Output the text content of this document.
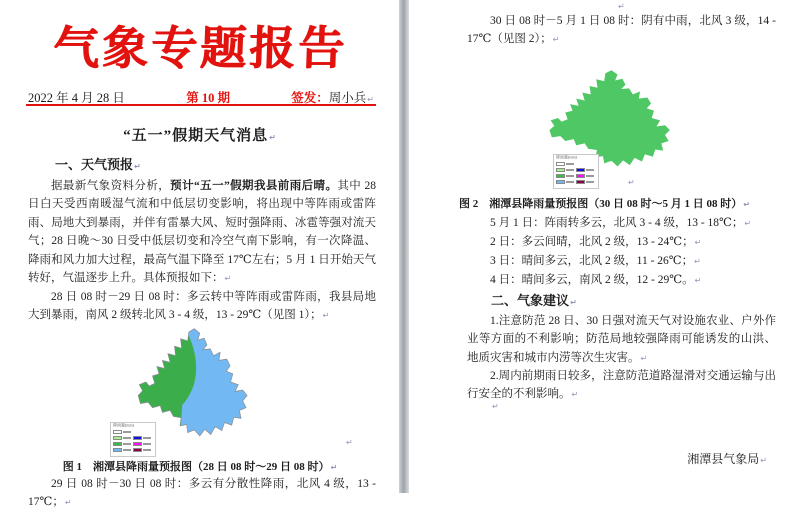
气象专题报告
2022 年 4 月 28 日	第 10 期	签发：周小兵↵
“五一”假期天气消息↵
一、天气预报↵
据最新气象资料分析，预计“五一”假期我县前雨后晴。其中 28 日白天受西南暖湿气流和中低层切变影响，将出现中等阵雨或雷阵雨、局地大到暴雨，并伴有雷暴大风、短时强降雨、冰雹等强对流天气；28 日晚～30 日受中低层切变和冷空气南下影响，有一次降温、降雨和风力加大过程，最高气温下降至 17℃左右；5 月 1 日开始天气转好，气温逐步上升。具体预报如下：↵
28 日 08 时－29 日 08 时：多云转中等阵雨或雷阵雨，我县局地大到暴雨，南风 2 级转北风 3 - 4 级，13 - 29℃（见图 1）；↵
降雨量(mm)
↵
图 1　湘潭县降雨量预报图（28 日 08 时～29 日 08 时）↵
29 日 08 时－30 日 08 时：多云有分散性降雨，北风 4 级，13 - 17℃；↵
↵
30 日 08 时－5 月 1 日 08 时：阴有中雨，北风 3 级，14 - 17℃（见图 2）；↵
降雨量(mm)
↵
图 2　湘潭县降雨量预报图（30 日 08 时～5 月 1 日 08 时）↵
5 月 1 日：阵雨转多云，北风 3 - 4 级，13 - 18℃；↵
2 日：多云间晴，北风 2 级，13 - 24℃；↵
3 日：晴间多云，北风 2 级，11 - 26℃；↵
4 日：晴间多云，南风 2 级，12 - 29℃。↵
二、气象建议↵
1.注意防范 28 日、30 日强对流天气对设施农业、户外作业等方面的不利影响；防范局地较强降雨可能诱发的山洪、地质灾害和城市内涝等次生灾害。↵
2.周内前期雨日较多，注意防范道路湿滑对交通运输与出行安全的不利影响。↵
↵
湘潭县气象局↵
